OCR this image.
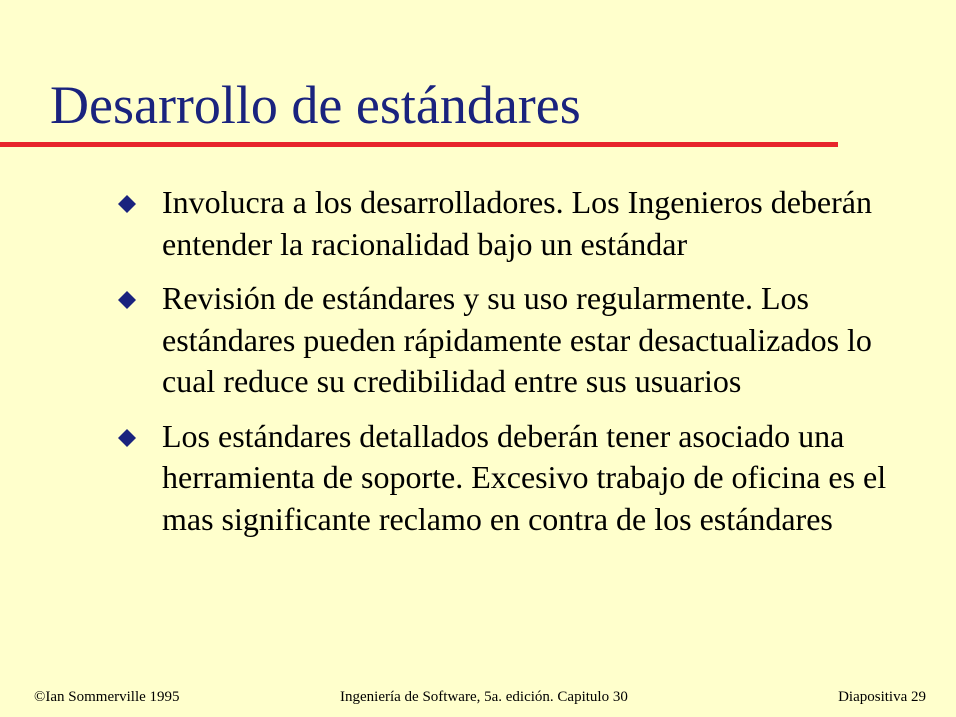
Desarrollo de estándares
Involucra a los desarrolladores. Los Ingenieros deberán entender la racionalidad bajo un estándar
Revisión de estándares y su uso regularmente. Los estándares pueden rápidamente estar desactualizados lo cual reduce su credibilidad entre sus usuarios
Los estándares detallados deberán tener asociado una herramienta de soporte. Excesivo trabajo de oficina es el mas significante reclamo en contra de los estándares
©Ian Sommerville 1995	Ingeniería de Software, 5a. edición. Capitulo 30	Diapositiva 29
